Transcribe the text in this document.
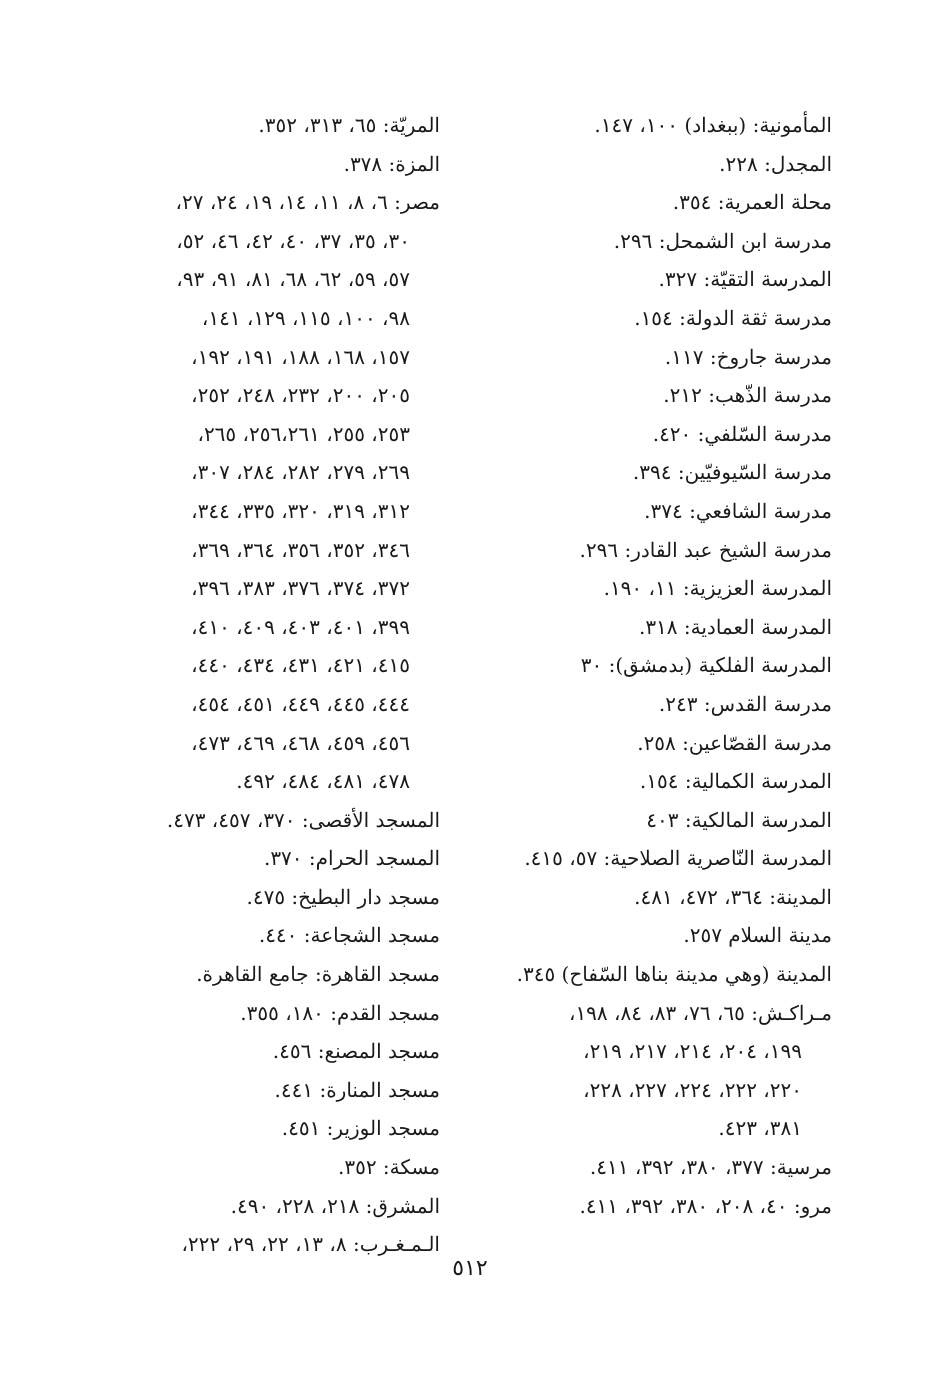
المأمونية: (ببغداد) ١٠٠، ١٤٧.
المجدل: ٢٢٨.
محلة العمرية: ٣٥٤.
مدرسة ابن الشمحل: ٢٩٦.
المدرسة التقيّة: ٣٢٧.
مدرسة ثقة الدولة: ١٥٤.
مدرسة جاروخ: ١١٧.
مدرسة الذّهب: ٢١٢.
مدرسة السّلفي: ٤٢٠.
مدرسة السّيوفيّين: ٣٩٤.
مدرسة الشافعي: ٣٧٤.
مدرسة الشيخ عبد القادر: ٢٩٦.
المدرسة العزيزية: ١١، ١٩٠.
المدرسة العمادية: ٣١٨.
المدرسة الفلكية (بدمشق): ٣٠
مدرسة القدس: ٢٤٣.
مدرسة القصّاعين: ٢٥٨.
المدرسة الكمالية: ١٥٤.
المدرسة المالكية: ٤٠٣
المدرسة النّاصرية الصلاحية: ٥٧، ٤١٥.
المدينة: ٣٦٤، ٤٧٢، ٤٨١.
مدينة السلام ٢٥٧.
المدينة (وهي مدينة بناها السّفاح) ٣٤٥.
مـراكـش: ٦٥، ٧٦، ٨٣، ٨٤، ١٩٨،
١٩٩، ٢٠٤، ٢١٤، ٢١٧، ٢١٩،
٢٢٠، ٢٢٢، ٢٢٤، ٢٢٧، ٢٢٨،
٣٨١، ٤٢٣.
مرسية: ٣٧٧، ٣٨٠، ٣٩٢، ٤١١.
مرو: ٤٠، ٢٠٨، ٣٨٠، ٣٩٢، ٤١١.
المريّة: ٦٥، ٣١٣، ٣٥٢.
المزة: ٣٧٨.
مصر: ٦، ٨، ١١، ١٤، ١٩، ٢٤، ٢٧،
٣٠، ٣٥، ٣٧، ٤٠، ٤٢، ٤٦، ٥٢،
٥٧، ٥٩، ٦٢، ٦٨، ٨١، ٩١، ٩٣،
٩٨، ١٠٠، ١١٥، ١٢٩، ١٤١،
١٥٧، ١٦٨، ١٨٨، ١٩١، ١٩٢،
٢٠٥، ٢٠٠، ٢٣٢، ٢٤٨، ٢٥٢،
٢٥٣، ٢٥٥، ٢٥٦،٢٦١، ٢٦٥،
٢٦٩، ٢٧٩، ٢٨٢، ٢٨٤، ٣٠٧،
٣١٢، ٣١٩، ٣٢٠، ٣٣٥، ٣٤٤،
٣٤٦، ٣٥٢، ٣٥٦، ٣٦٤، ٣٦٩،
٣٧٢، ٣٧٤، ٣٧٦، ٣٨٣، ٣٩٦،
٣٩٩، ٤٠١، ٤٠٣، ٤٠٩، ٤١٠،
٤١٥، ٤٢١، ٤٣١، ٤٣٤، ٤٤٠،
٤٤٤، ٤٤٥، ٤٤٩، ٤٥١، ٤٥٤،
٤٥٦، ٤٥٩، ٤٦٨، ٤٦٩، ٤٧٣،
٤٧٨، ٤٨١، ٤٨٤، ٤٩٢.
المسجد الأقصى: ٣٧٠، ٤٥٧، ٤٧٣.
المسجد الحرام: ٣٧٠.
مسجد دار البطيخ: ٤٧٥.
مسجد الشجاعة: ٤٤٠.
مسجد القاهرة: جامع القاهرة.
مسجد القدم: ١٨٠، ٣٥٥.
مسجد المصنع: ٤٥٦.
مسجد المنارة: ٤٤١.
مسجد الوزير: ٤٥١.
مسكة: ٣٥٢.
المشرق: ٢١٨، ٢٢٨، ٤٩٠.
الـمـغـرب: ٨، ١٣، ٢٢، ٢٩، ٢٢٢،
٥١٢
